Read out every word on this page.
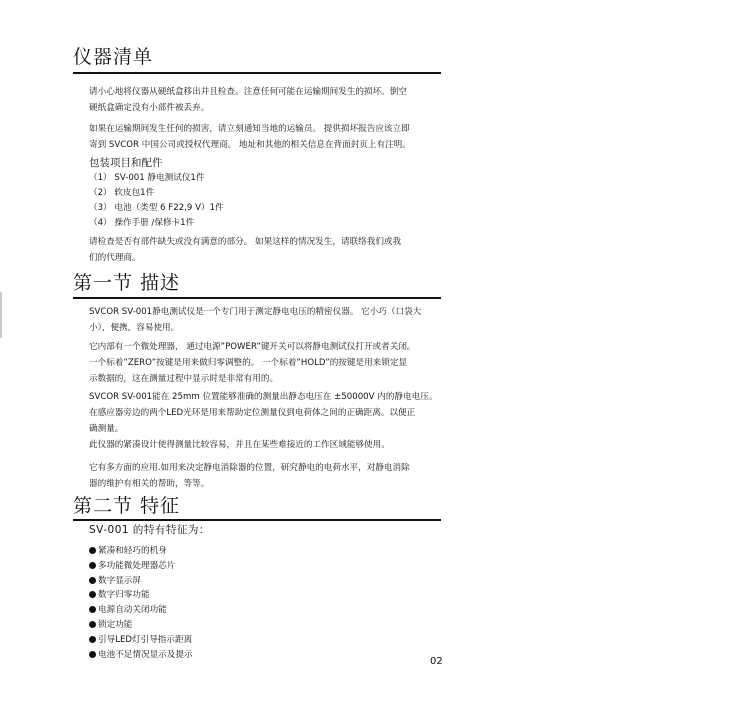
仪器清单
请小心地将仪器从硬纸盒移出并且检查。注意任何可能在运输期间发生的损坏。倒空
硬纸盒确定没有小部件被丢弃。
如果在运输期间发生任何的损害，请立刻通知当地的运输员。 提供损坏报告应该立即
寄到 SVCOR 中国公司或授权代理商。 地址和其他的相关信息在背面封页上有注明。
包装项目和配件
（1） SV-001 静电测试仪1件
（2） 软皮包1件
（3） 电池（类型 6 F22,9 V）1件
（4） 操作手册 /保修卡1件
请检查是否有部件缺失或没有满意的部分。 如果这样的情况发生，请联络我们或我
们的代理商。
第一节 描述
SVCOR SV-001静电测试仪是一个专门用于测定静电电压的精密仪器。 它小巧（口袋大
小），便携，容易使用。
它内部有一个微处理器， 通过电源”POWER”键开关可以将静电测试仪打开或者关闭。
一个标着”ZERO”按键是用来做归零调整的。 一个标着”HOLD”的按键是用来锁定显
示数据的，这在测量过程中显示时是非常有用的。
SVCOR SV-001能在 25mm 位置能够准确的测量出静态电压在 ±50000V 内的静电电压。
在感应器旁边的两个LED光环是用来帮助定位测量仪到电荷体之间的正确距离。以便正
确测量。
此仪器的紧凑设计使得测量比较容易，并且在某些难接近的工作区域能够使用。
它有多方面的应用.如用来决定静电消除器的位置，研究静电的电荷水平，对静电消除
器的维护有相关的帮助，等等。
第二节 特征
SV-001 的特有特征为：
紧凑和轻巧的机身
多功能微处理器芯片
数字显示屏
数字归零功能
电源自动关闭功能
锁定功能
引导LED灯引导指示距离
电池不足情况显示及提示
02
